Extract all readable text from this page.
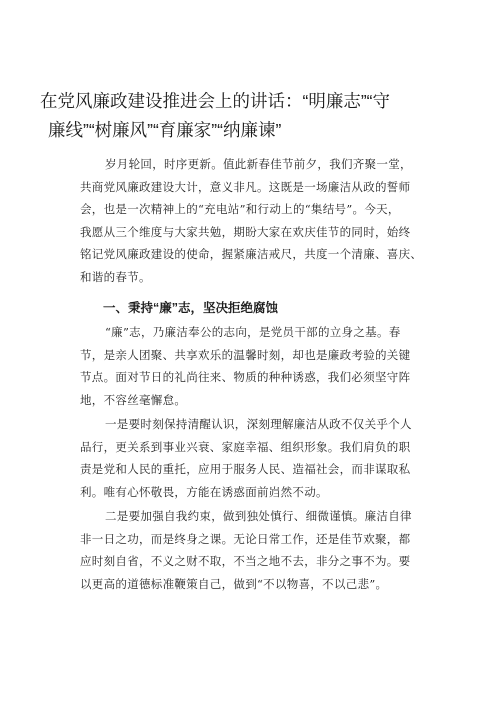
在党风廉政建设推进会上的讲话：“明廉志”“守
廉线”“树廉风”“育廉家”“纳廉谏”

岁月轮回，时序更新。值此新春佳节前夕，我们齐聚一堂，
共商党风廉政建设大计，意义非凡。这既是一场廉洁从政的誓师
会，也是一次精神上的“充电站”和行动上的“集结号”。今天，
我愿从三个维度与大家共勉，期盼大家在欢庆佳节的同时，始终
铭记党风廉政建设的使命，握紧廉洁戒尺，共度一个清廉、喜庆、
和谐的春节。

一、秉持“廉”志，坚决拒绝腐蚀

“廉”志，乃廉洁奉公的志向，是党员干部的立身之基。春
节，是亲人团聚、共享欢乐的温馨时刻，却也是廉政考验的关键
节点。面对节日的礼尚往来、物质的种种诱惑，我们必须坚守阵
地，不容丝毫懈怠。

一是要时刻保持清醒认识，深刻理解廉洁从政不仅关乎个人
品行，更关系到事业兴衰、家庭幸福、组织形象。我们肩负的职
责是党和人民的重托，应用于服务人民、造福社会，而非谋取私
利。唯有心怀敬畏，方能在诱惑面前岿然不动。

二是要加强自我约束，做到独处慎行、细微谨慎。廉洁自律
非一日之功，而是终身之课。无论日常工作，还是佳节欢聚，都
应时刻自省，不义之财不取，不当之地不去，非分之事不为。要
以更高的道德标准鞭策自己，做到“不以物喜，不以己悲”。
